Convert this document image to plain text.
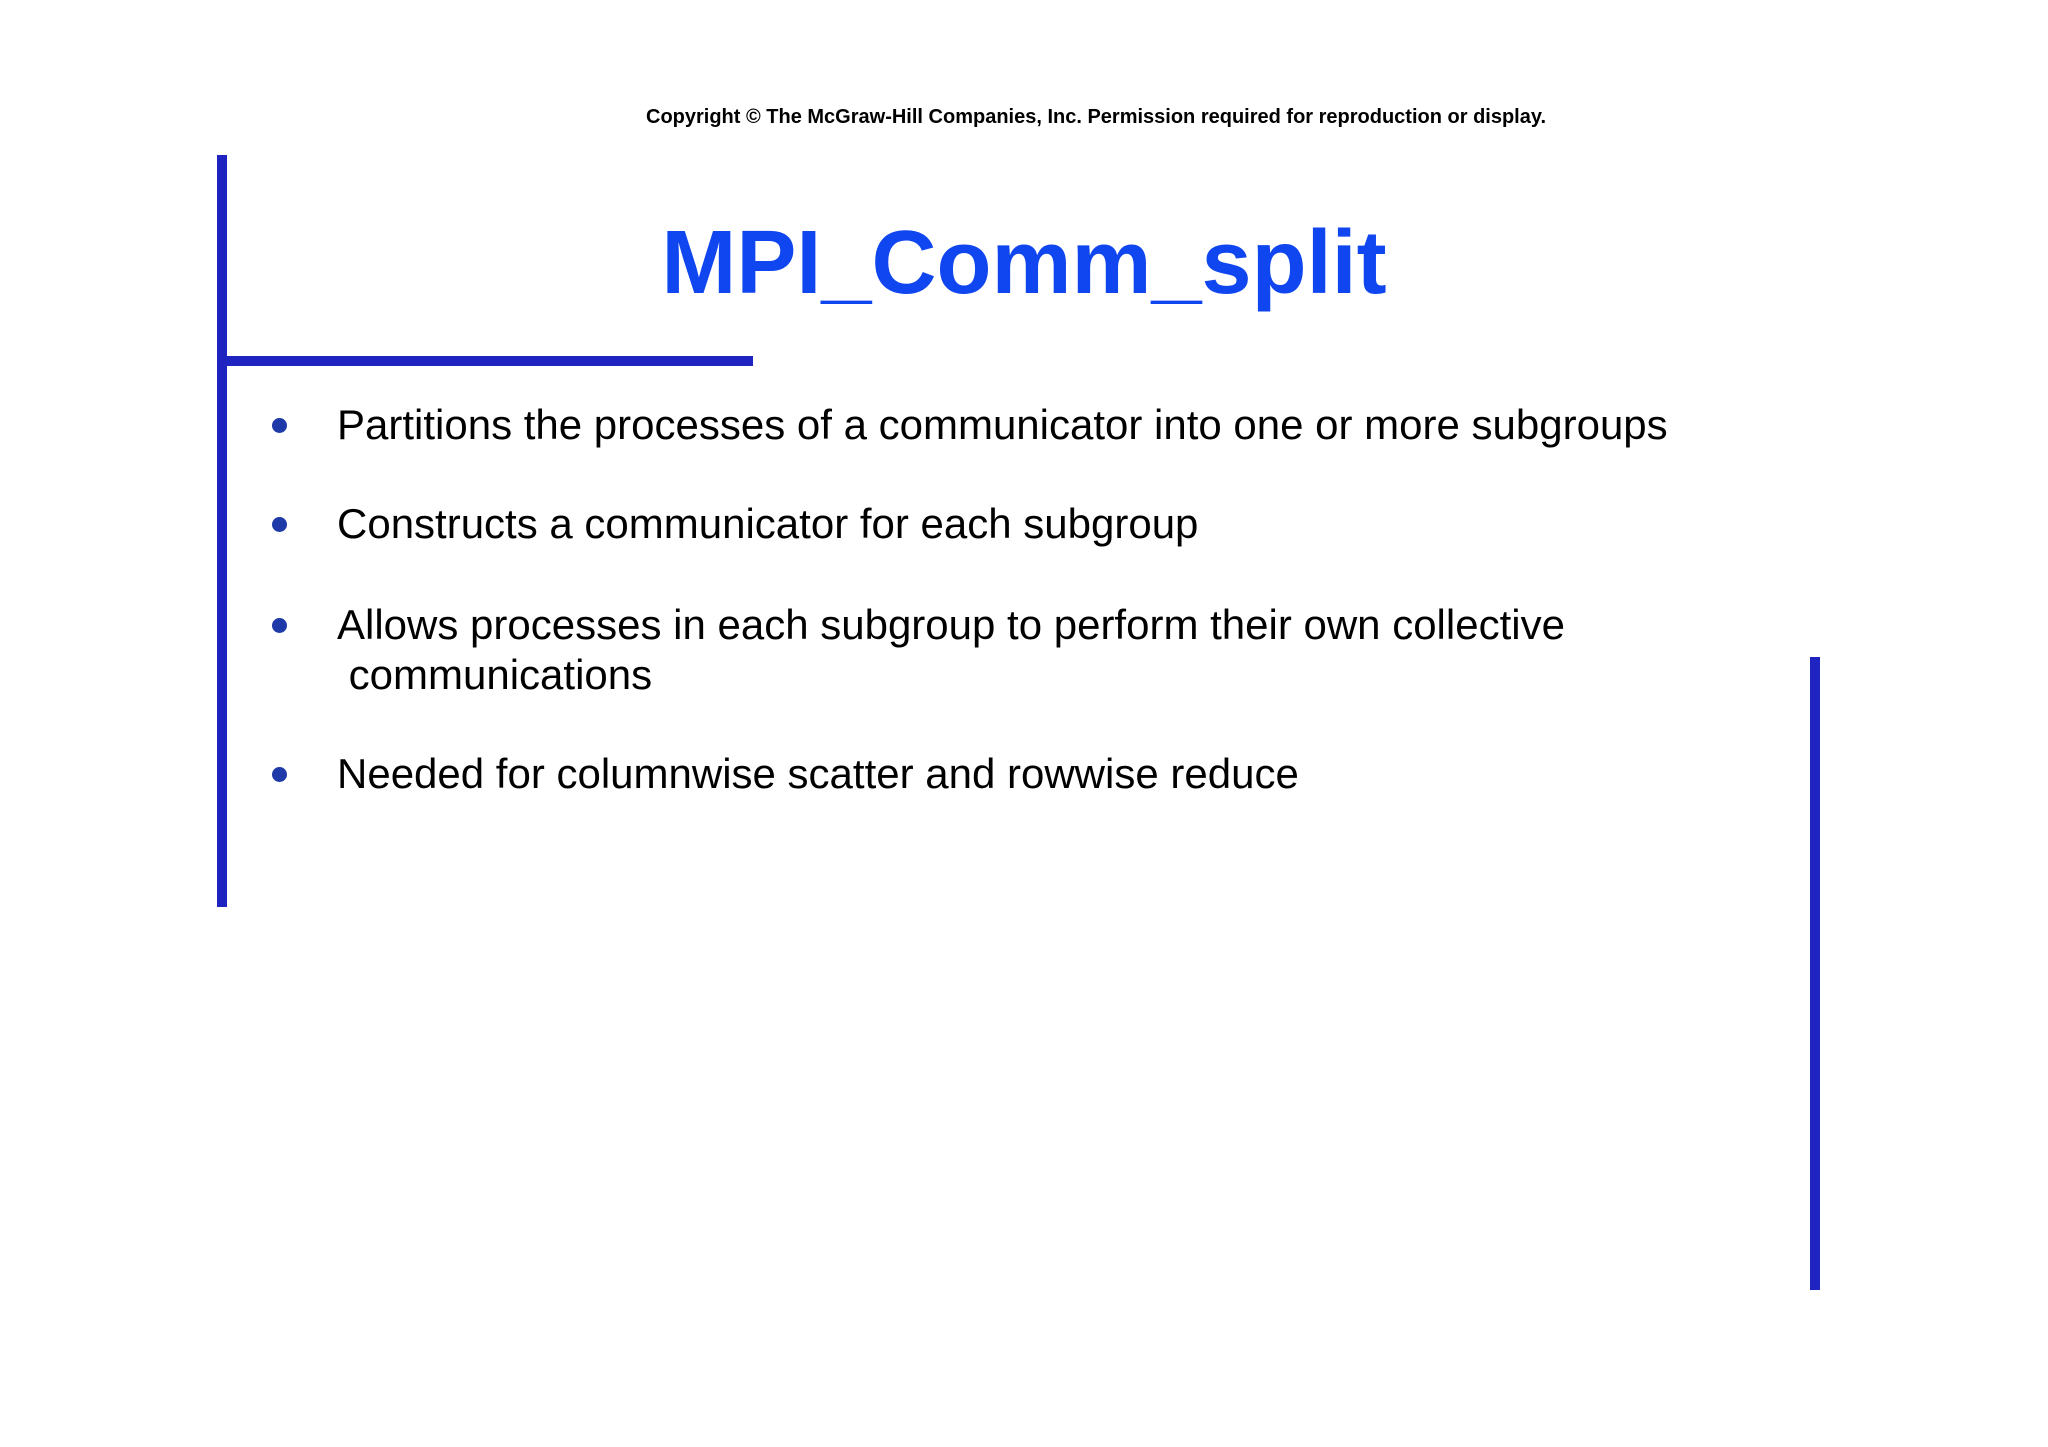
Copyright © The McGraw-Hill Companies, Inc. Permission required for reproduction or display.
MPI_Comm_split
Partitions the processes of a communicator into one or more subgroups
Constructs a communicator for each subgroup
Allows processes in each subgroup to perform their own collective
communications
Needed for columnwise scatter and rowwise reduce
